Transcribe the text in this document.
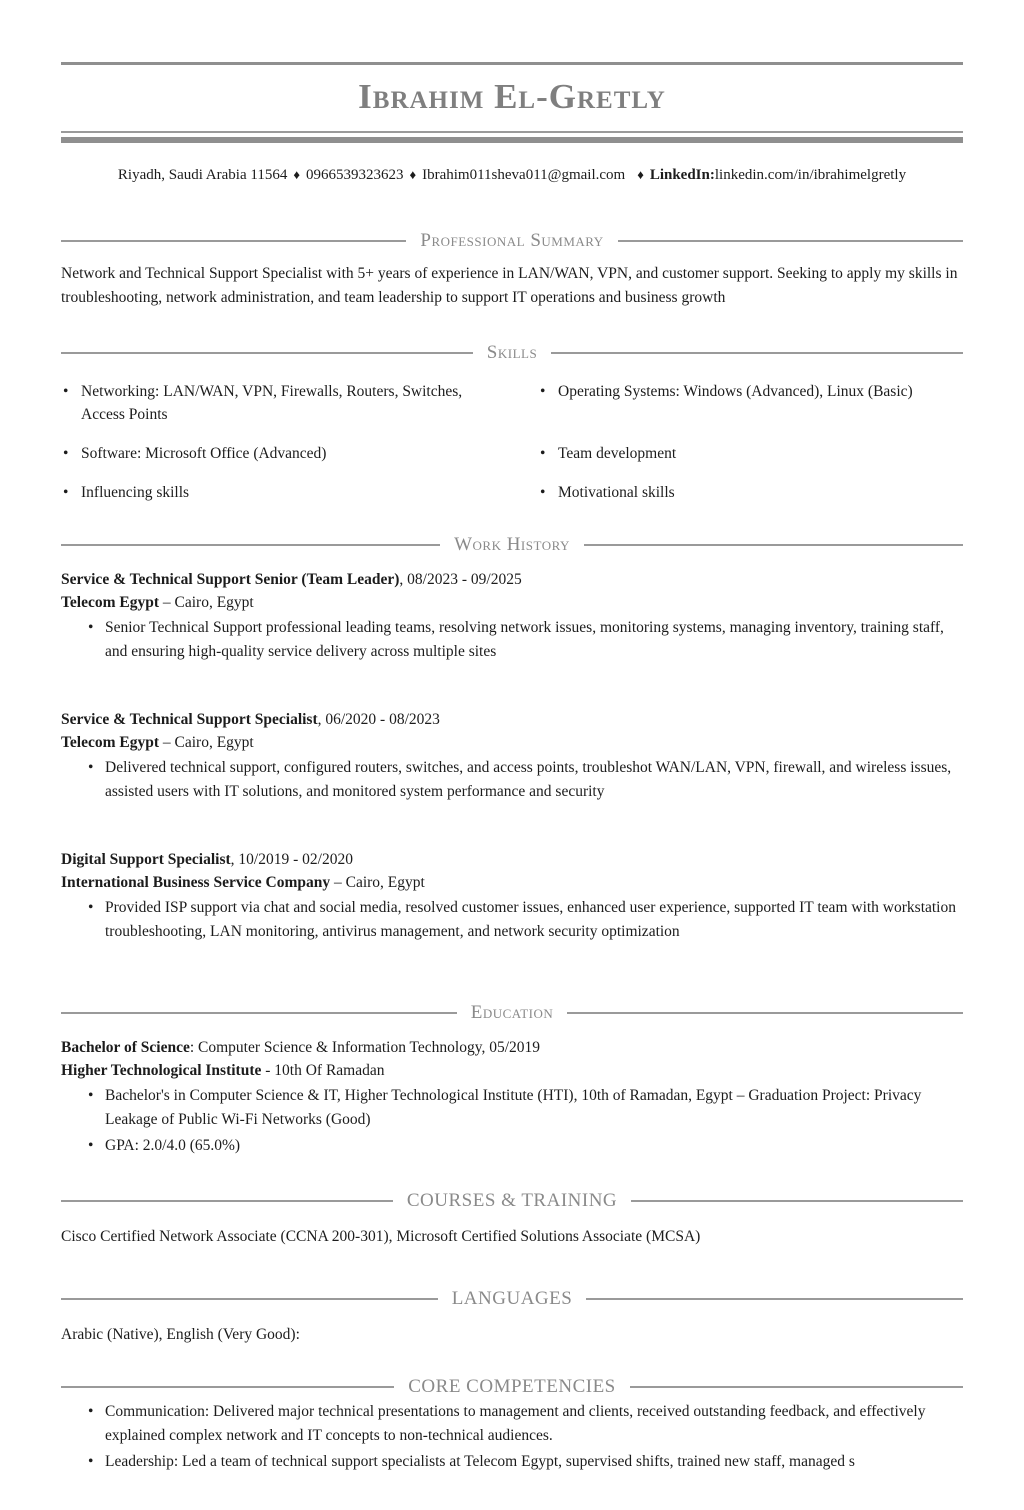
Ibrahim El-Gretly
Riyadh, Saudi Arabia 11564 ♦ 0966539323623 ♦ Ibrahim011sheva011@gmail.com ♦ LinkedIn:linkedin.com/in/ibrahimelgretly
Professional Summary
Network and Technical Support Specialist with 5+ years of experience in LAN/WAN, VPN, and customer support. Seeking to apply my skills in troubleshooting, network administration, and team leadership to support IT operations and business growth
Skills
• Networking: LAN/WAN, VPN, Firewalls, Routers, Switches, Access Points
• Operating Systems: Windows (Advanced), Linux (Basic)
• Software: Microsoft Office (Advanced)	• Team development
• Influencing skills	• Motivational skills
Work History
Service & Technical Support Senior (Team Leader), 08/2023 - 09/2025
Telecom Egypt – Cairo, Egypt
• Senior Technical Support professional leading teams, resolving network issues, monitoring systems, managing inventory, training staff, and ensuring high-quality service delivery across multiple sites
Service & Technical Support Specialist, 06/2020 - 08/2023
Telecom Egypt – Cairo, Egypt
• Delivered technical support, configured routers, switches, and access points, troubleshot WAN/LAN, VPN, firewall, and wireless issues, assisted users with IT solutions, and monitored system performance and security
Digital Support Specialist, 10/2019 - 02/2020
International Business Service Company – Cairo, Egypt
• Provided ISP support via chat and social media, resolved customer issues, enhanced user experience, supported IT team with workstation troubleshooting, LAN monitoring, antivirus management, and network security optimization
Education
Bachelor of Science: Computer Science & Information Technology, 05/2019
Higher Technological Institute - 10th Of Ramadan
• Bachelor's in Computer Science & IT, Higher Technological Institute (HTI), 10th of Ramadan, Egypt – Graduation Project: Privacy Leakage of Public Wi-Fi Networks (Good)
• GPA: 2.0/4.0 (65.0%)
COURSES & TRAINING
Cisco Certified Network Associate (CCNA 200-301), Microsoft Certified Solutions Associate (MCSA)
LANGUAGES
Arabic (Native), English (Very Good):
CORE COMPETENCIES
• Communication: Delivered major technical presentations to management and clients, received outstanding feedback, and effectively explained complex network and IT concepts to non-technical audiences.
• Leadership: Led a team of technical support specialists at Telecom Egypt, supervised shifts, trained new staff, managed s
